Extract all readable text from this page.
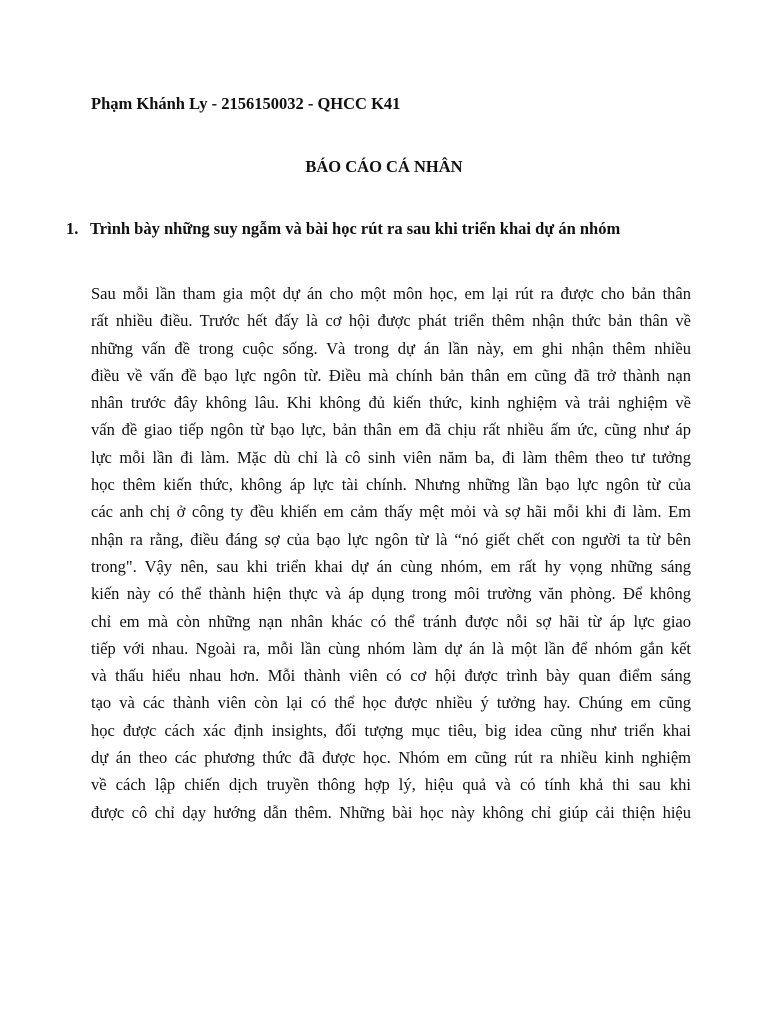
Phạm Khánh Ly - 2156150032 - QHCC K41
BÁO CÁO CÁ NHÂN
1. Trình bày những suy ngẫm và bài học rút ra sau khi triển khai dự án nhóm
Sau mỗi lần tham gia một dự án cho một môn học, em lại rút ra được cho bản thân
rất nhiều điều. Trước hết đấy là cơ hội được phát triển thêm nhận thức bản thân về
những vấn đề trong cuộc sống. Và trong dự án lần này, em ghi nhận thêm nhiều
điều về vấn đề bạo lực ngôn từ. Điều mà chính bản thân em cũng đã trở thành nạn
nhân trước đây không lâu. Khi không đủ kiến thức, kinh nghiệm và trải nghiệm về
vấn đề giao tiếp ngôn từ bạo lực, bản thân em đã chịu rất nhiều ấm ức, cũng như áp
lực mỗi lần đi làm. Mặc dù chỉ là cô sinh viên năm ba, đi làm thêm theo tư tưởng
học thêm kiến thức, không áp lực tài chính. Nhưng những lần bạo lực ngôn từ của
các anh chị ở công ty đều khiến em cảm thấy mệt mỏi và sợ hãi mỗi khi đi làm. Em
nhận ra rằng, điều đáng sợ của bạo lực ngôn từ là “nó giết chết con người ta từ bên
trong". Vậy nên, sau khi triển khai dự án cùng nhóm, em rất hy vọng những sáng
kiến này có thể thành hiện thực và áp dụng trong môi trường văn phòng. Để không
chỉ em mà còn những nạn nhân khác có thể tránh được nỗi sợ hãi từ áp lực giao
tiếp với nhau. Ngoài ra, mỗi lần cùng nhóm làm dự án là một lần để nhóm gắn kết
và thấu hiểu nhau hơn. Mỗi thành viên có cơ hội được trình bày quan điểm sáng
tạo và các thành viên còn lại có thể học được nhiều ý tưởng hay. Chúng em cũng
học được cách xác định insights, đối tượng mục tiêu, big idea cũng như triển khai
dự án theo các phương thức đã được học. Nhóm em cũng rút ra nhiều kinh nghiệm
về cách lập chiến dịch truyền thông hợp lý, hiệu quả và có tính khả thi sau khi
được cô chỉ dạy hướng dẫn thêm. Những bài học này không chỉ giúp cải thiện hiệu
